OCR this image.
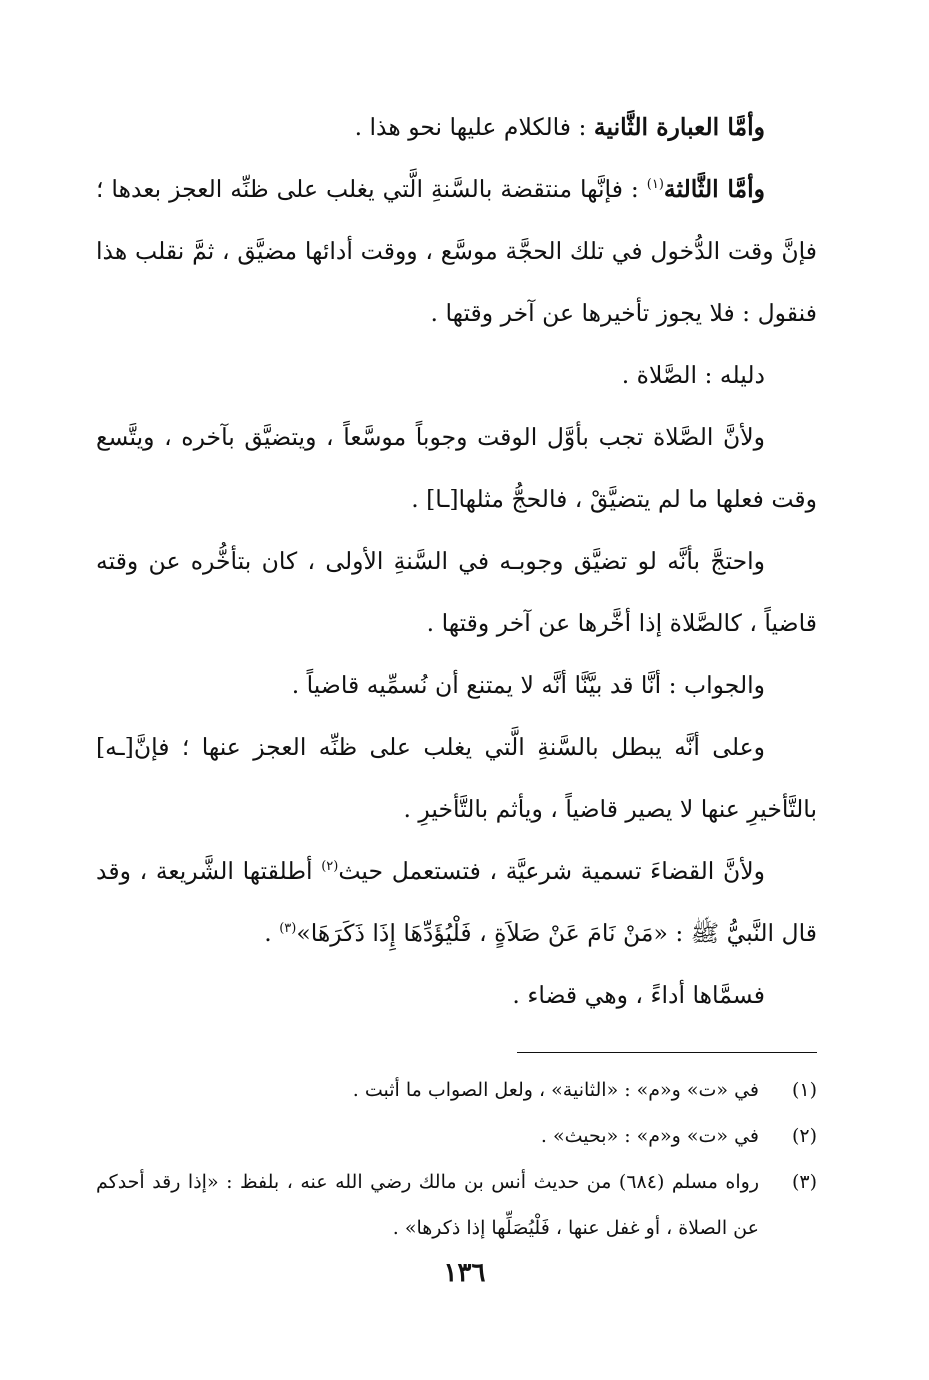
وأمَّا العبارة الثَّانية : فالكلام عليها نحو هذا .

وأمَّا الثَّالثة$^{(١)}$ : فإنَّها منتقضة بالسَّنةِ الَّتي يغلب على ظنِّه العجز بعدها ؛ فإنَّ وقت الدُّخول في تلك الحجَّة موسَّع ، ووقت أدائها مضيَّق ، ثمَّ نقلب هذا فنقول : فلا يجوز تأخيرها عن آخر وقتها .

دليله : الصَّلاة .

ولأنَّ الصَّلاة تجب بأوَّل الوقت وجوباً موسَّعاً ، ويتضيَّق بآخره ، ويتَّسع وقت فعلها ما لم يتضيَّقْ ، فالحجُّ مثلها[ـا] .

واحتجَّ بأنَّه لو تضيَّق وجوبـه في السَّنةِ الأولى ، كان بتأخُّره عن وقته قاضياً ، كالصَّلاة إذا أخَّرها عن آخر وقتها .

والجواب : أنَّا قد بيَّنَّا أنَّه لا يمتنع أن نُسمِّيه قاضياً .

وعلى أنَّه يبطل بالسَّنةِ الَّتي يغلب على ظنِّه العجز عنها ؛ فإنَّ[ـه] بالتَّأخيرِ عنها لا يصير قاضياً ، ويأثم بالتَّأخيرِ .

ولأنَّ القضاءَ تسمية شرعيَّة ، فتستعمل حيث$^{(٢)}$ أطلقتها الشَّريعة ، وقد قال النَّبيُّ ﷺ : «مَنْ نَامَ عَنْ صَلاَةٍ ، فَلْيُؤَدِّهَا إِذَا ذَكَرَهَا»$^{(٣)}$ .

فسمَّاها أداءً ، وهي قضاء .

(١)
في «ت» و«م» : «الثانية» ، ولعل الصواب ما أثبت .

(٢)
في «ت» و«م» : «بحيث» .

(٣)
رواه مسلم (٦٨٤) من حديث أنس بن مالك رضي الله عنه ، بلفظ : «إذا رقد أحدكم عن الصلاة ، أو غفل عنها ، فَلْيُصَلِّها إذا ذكرها» .

١٣٦
